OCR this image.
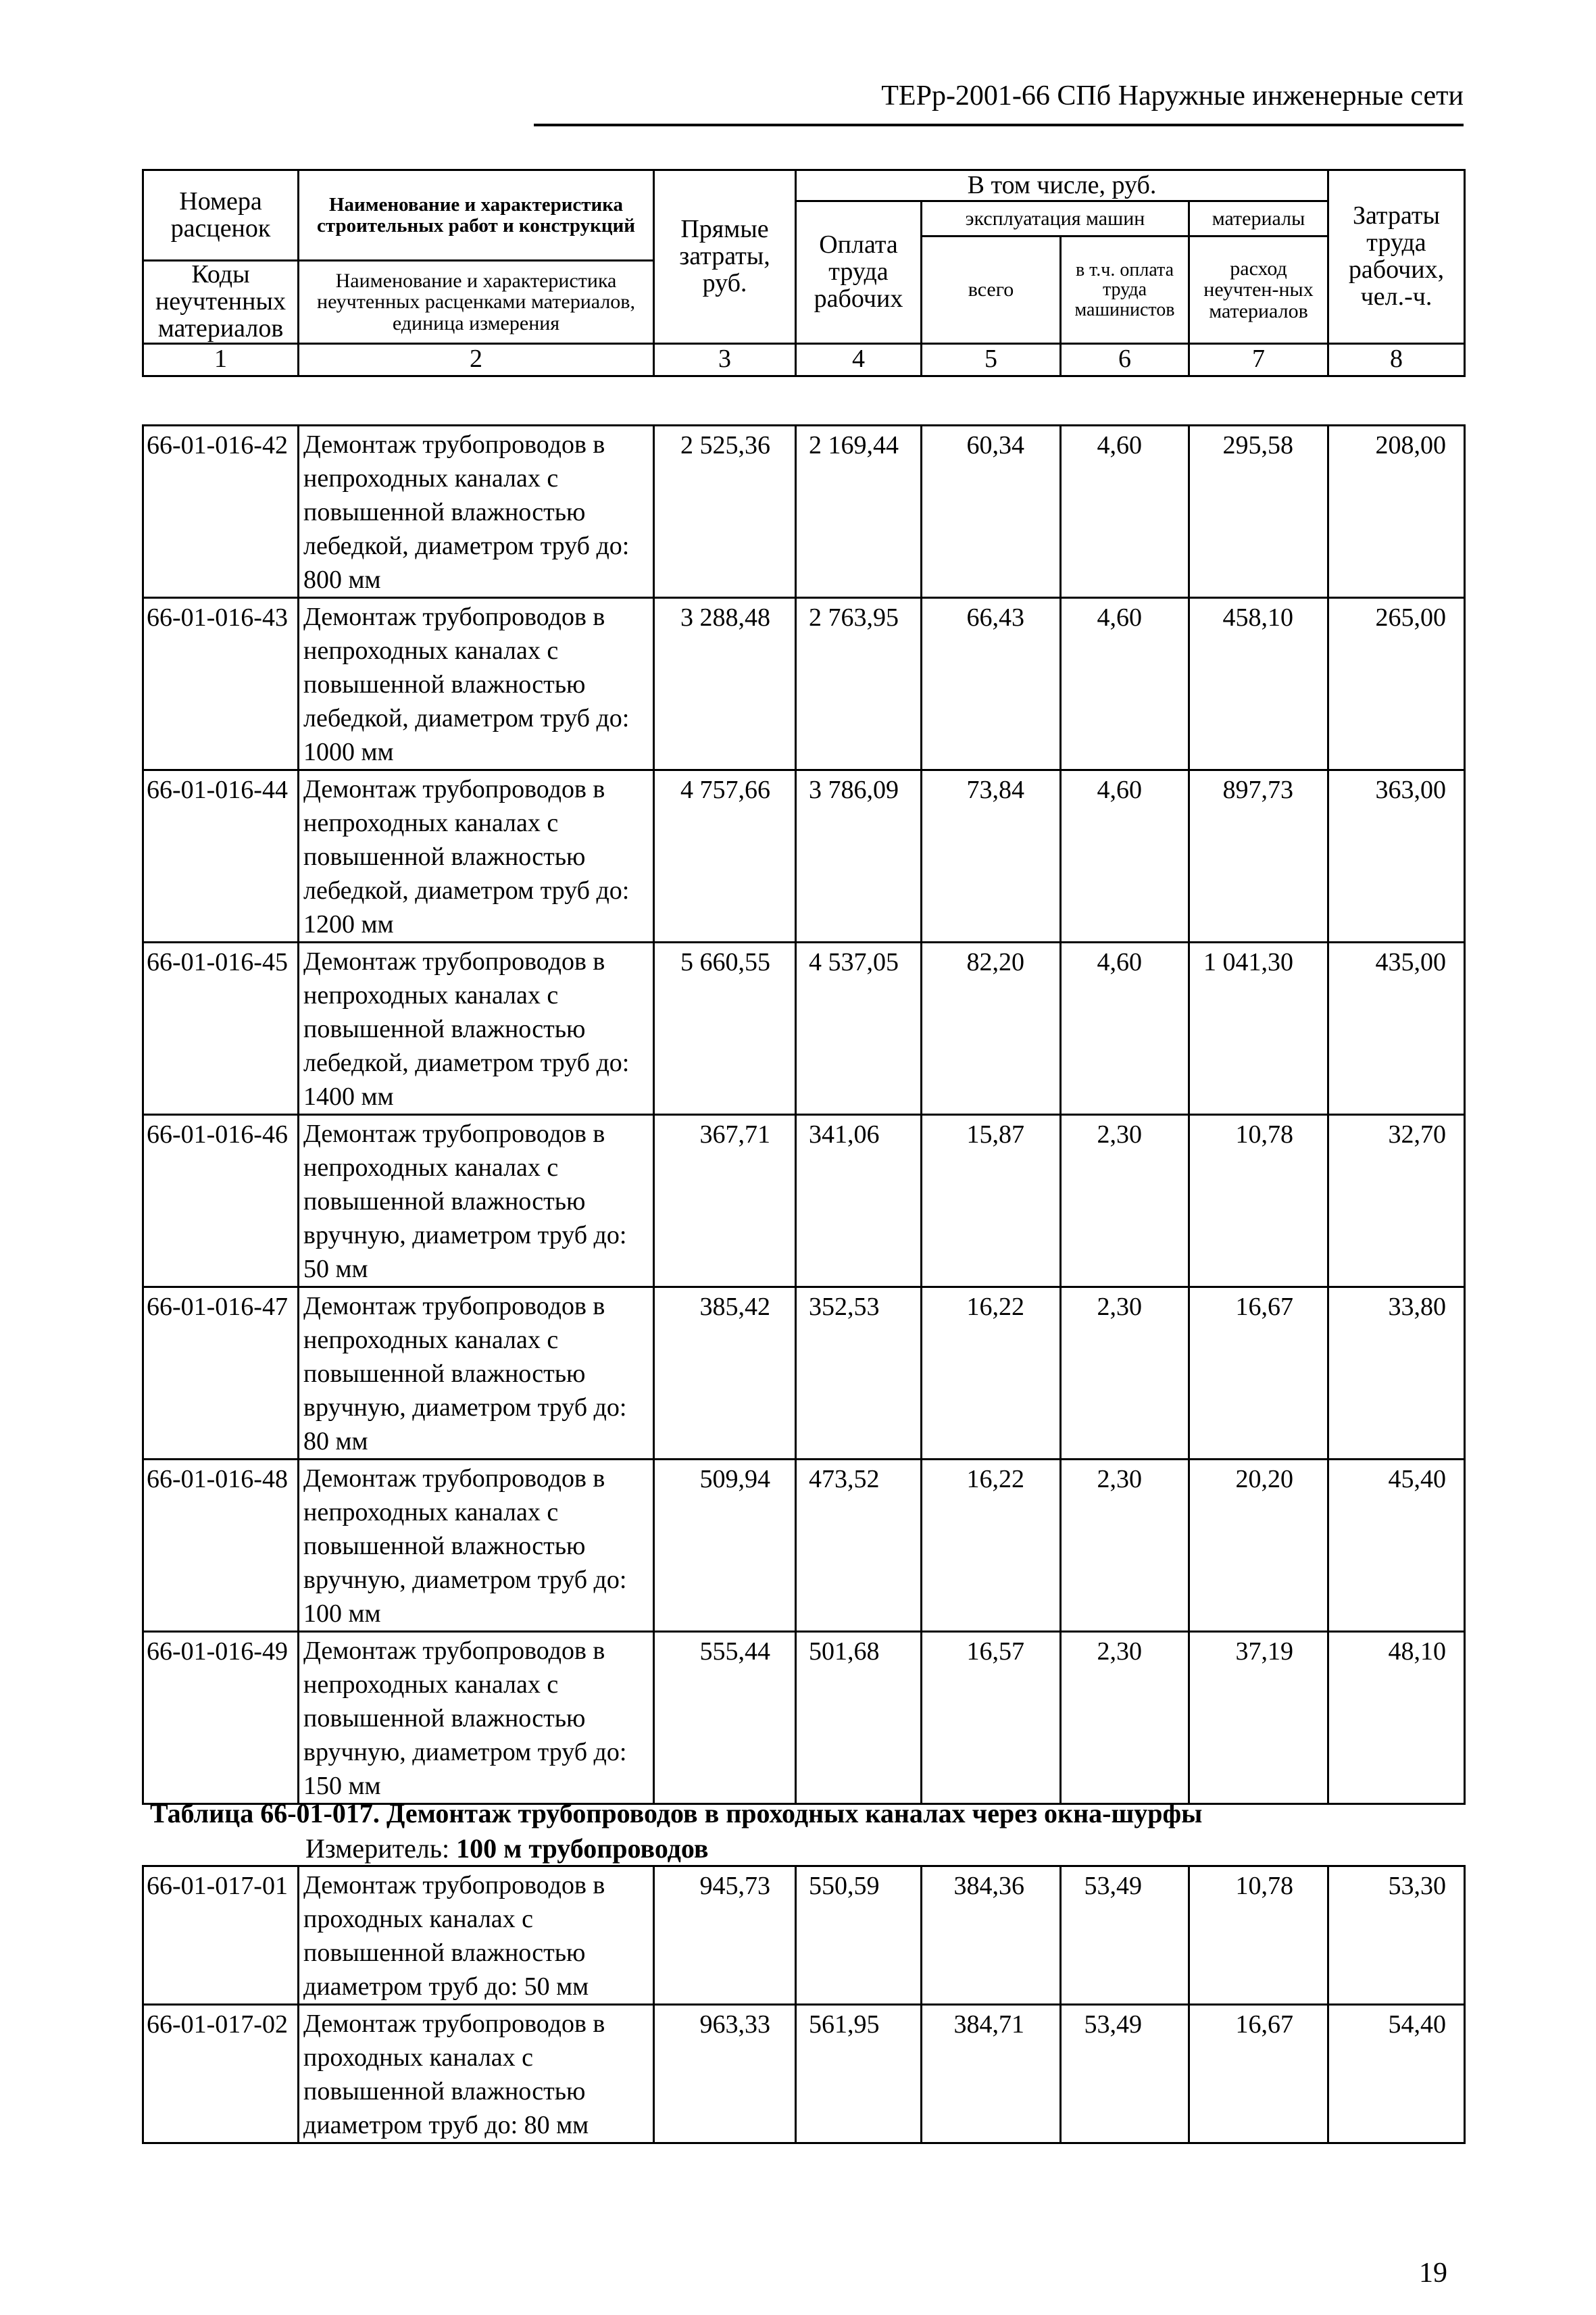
ТЕРр-2001-66 СПб Наружные инженерные сети
Номера расценок	Наименование и характеристика строительных работ и конструкций	Прямые затраты, руб.	В том числе, руб.				Затраты труда рабочих, чел.-ч.
			Оплата труда рабочих	эксплуатация машин		материалы	
				всего	в т.ч. оплата труда машинистов	расход неучтен-ных материалов	
Коды неучтенных материалов	Наименование и характеристика неучтенных расценками материалов, единица измерения						

1	2	3	4	5	6	7	8
66-01-016-42	Демонтаж трубопроводов в непроходных каналах с повышенной влажностью лебедкой, диаметром труб до: 800 мм	2 525,36	2 169,44	60,34	4,60	295,58	208,00
66-01-016-43	Демонтаж трубопроводов в непроходных каналах с повышенной влажностью лебедкой, диаметром труб до: 1000 мм	3 288,48	2 763,95	66,43	4,60	458,10	265,00
66-01-016-44	Демонтаж трубопроводов в непроходных каналах с повышенной влажностью лебедкой, диаметром труб до: 1200 мм	4 757,66	3 786,09	73,84	4,60	897,73	363,00
66-01-016-45	Демонтаж трубопроводов в непроходных каналах с повышенной влажностью лебедкой, диаметром труб до: 1400 мм	5 660,55	4 537,05	82,20	4,60	1 041,30	435,00
66-01-016-46	Демонтаж трубопроводов в непроходных каналах с повышенной влажностью вручную, диаметром труб до: 50 мм	367,71	341,06	15,87	2,30	10,78	32,70
66-01-016-47	Демонтаж трубопроводов в непроходных каналах с повышенной влажностью вручную, диаметром труб до: 80 мм	385,42	352,53	16,22	2,30	16,67	33,80
66-01-016-48	Демонтаж трубопроводов в непроходных каналах с повышенной влажностью вручную, диаметром труб до: 100 мм	509,94	473,52	16,22	2,30	20,20	45,40
66-01-016-49	Демонтаж трубопроводов в непроходных каналах с повышенной влажностью вручную, диаметром труб до: 150 мм	555,44	501,68	16,57	2,30	37,19	48,10
Таблица 66-01-017. Демонтаж трубопроводов в проходных каналах через окна-шурфы
Измеритель: 100 м трубопроводов
66-01-017-01	Демонтаж трубопроводов в проходных каналах с повышенной влажностью диаметром труб до: 50 мм	945,73	550,59	384,36	53,49	10,78	53,30
66-01-017-02	Демонтаж трубопроводов в проходных каналах с повышенной влажностью диаметром труб до: 80 мм	963,33	561,95	384,71	53,49	16,67	54,40
19
